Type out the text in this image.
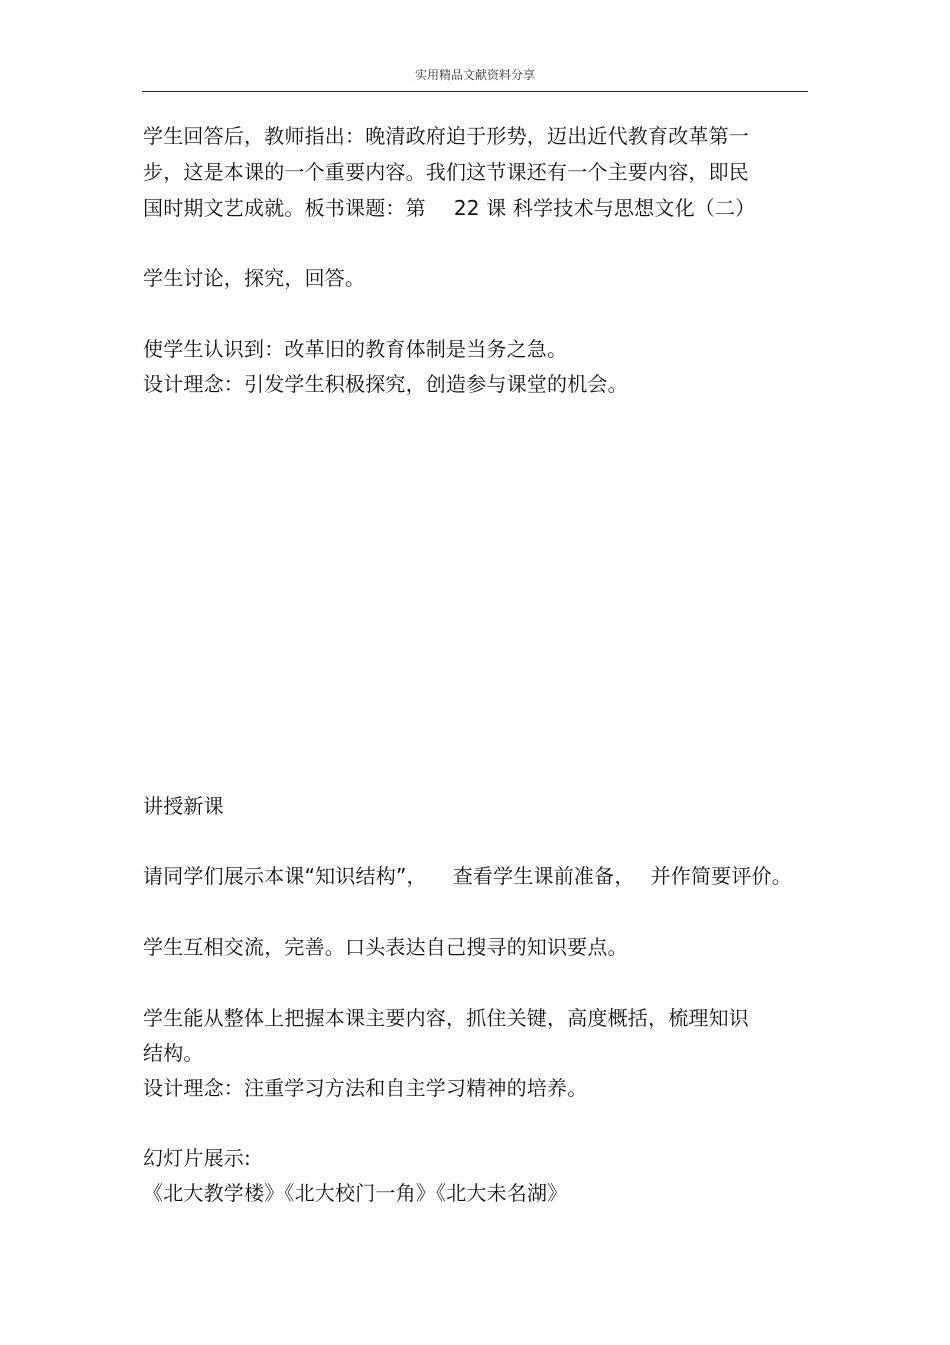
实用精品文献资料分享
学生回答后，教师指出：晚清政府迫于形势，迈出近代教育改革第一
步，这是本课的一个重要内容。我们这节课还有一个主要内容，即民
国时期文艺成就。板书课题：第 22 课 科学技术与思想文化（二）
学生讨论，探究，回答。
使学生认识到：改革旧的教育体制是当务之急。
设计理念：引发学生积极探究，创造参与课堂的机会。
讲授新课
请同学们展示本课“知识结构”， 查看学生课前准备， 并作简要评价。
学生互相交流，完善。口头表达自己搜寻的知识要点。
学生能从整体上把握本课主要内容，抓住关键，高度概括，梳理知识
结构。
设计理念：注重学习方法和自主学习精神的培养。
幻灯片展示:
《北大教学楼》《北大校门一角》《北大未名湖》
